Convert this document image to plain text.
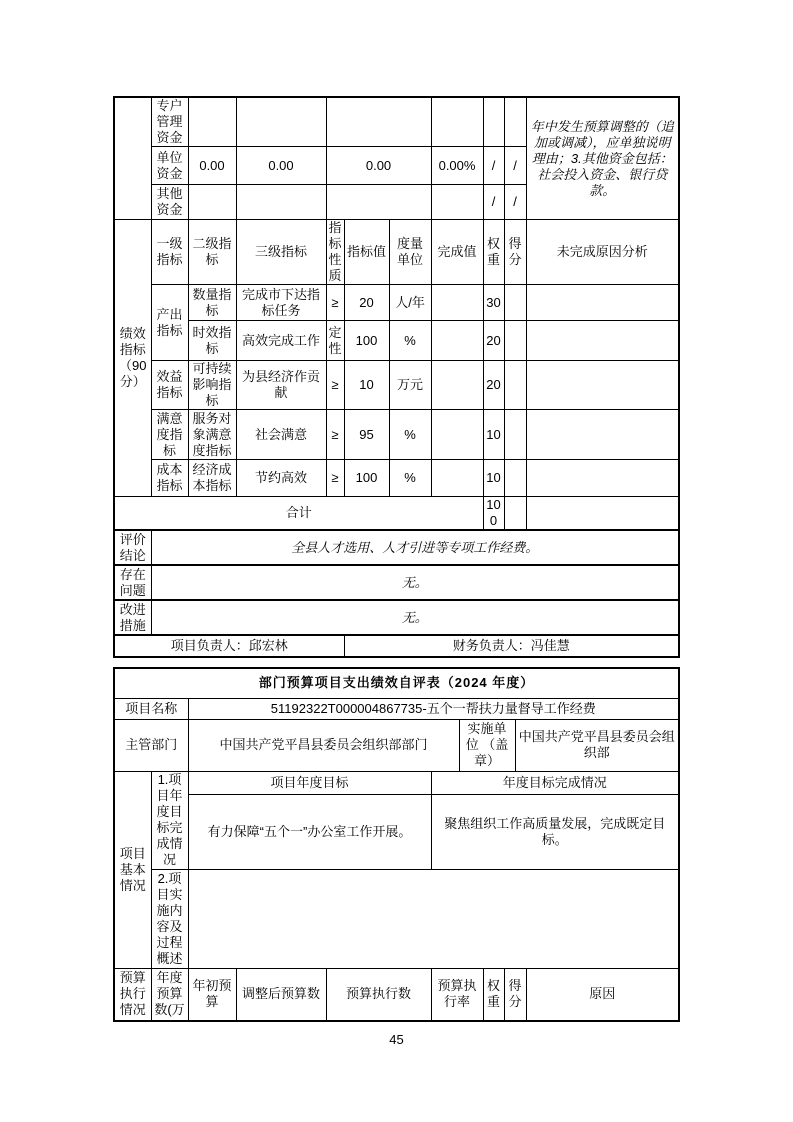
	专户管理资金									年中发生预算调整的（追加或调减），应单独说明理由；3.其他资金包括：社会投入资金、银行贷款。
	单位资金	0.00	0.00	0.00			0.00%	/	/	
	其他资金							/	/	
绩效指标（90分）	一级指标	二级指标	三级指标	指标性质	指标值	度量单位	完成值	权重	得分	未完成原因分析
	产出指标	数量指标	完成市下达指标任务	≥	20	人/年		30		
		时效指标	高效完成工作	定性	100	%		20		
	效益指标	可持续影响指标	为县经济作贡献	≥	10	万元		20		
	满意度指标	服务对象满意度指标	社会满意	≥	95	%		10		
	成本指标	经济成本指标	节约高效	≥	100	%		10		
合计								100		
评价结论	全县人才选用、人才引进等专项工作经费。									
存在问题	无。									
改进措施	无。									
项目负责人：邱宏林					财务负责人：冯佳慧					
部门预算项目支出绩效自评表（2024 年度）										
项目名称		51192322T000004867735-五个一帮扶力量督导工作经费								
主管部门		中国共产党平昌县委员会组织部部门				实施单位 （盖章）			中国共产党平昌县委员会组织部	
项目基本情况	1.项目年度目标完成情况	项目年度目标			年度目标完成情况					
		有力保障“五个一”办公室工作开展。			聚焦组织工作高质量发展，完成既定目标。					
	2.项目实施内容及过程概述									
预算执行情况	年度预算数(万	年初预算	调整后预算数	预算执行数	预算执行率		权重	得分		原因
45
